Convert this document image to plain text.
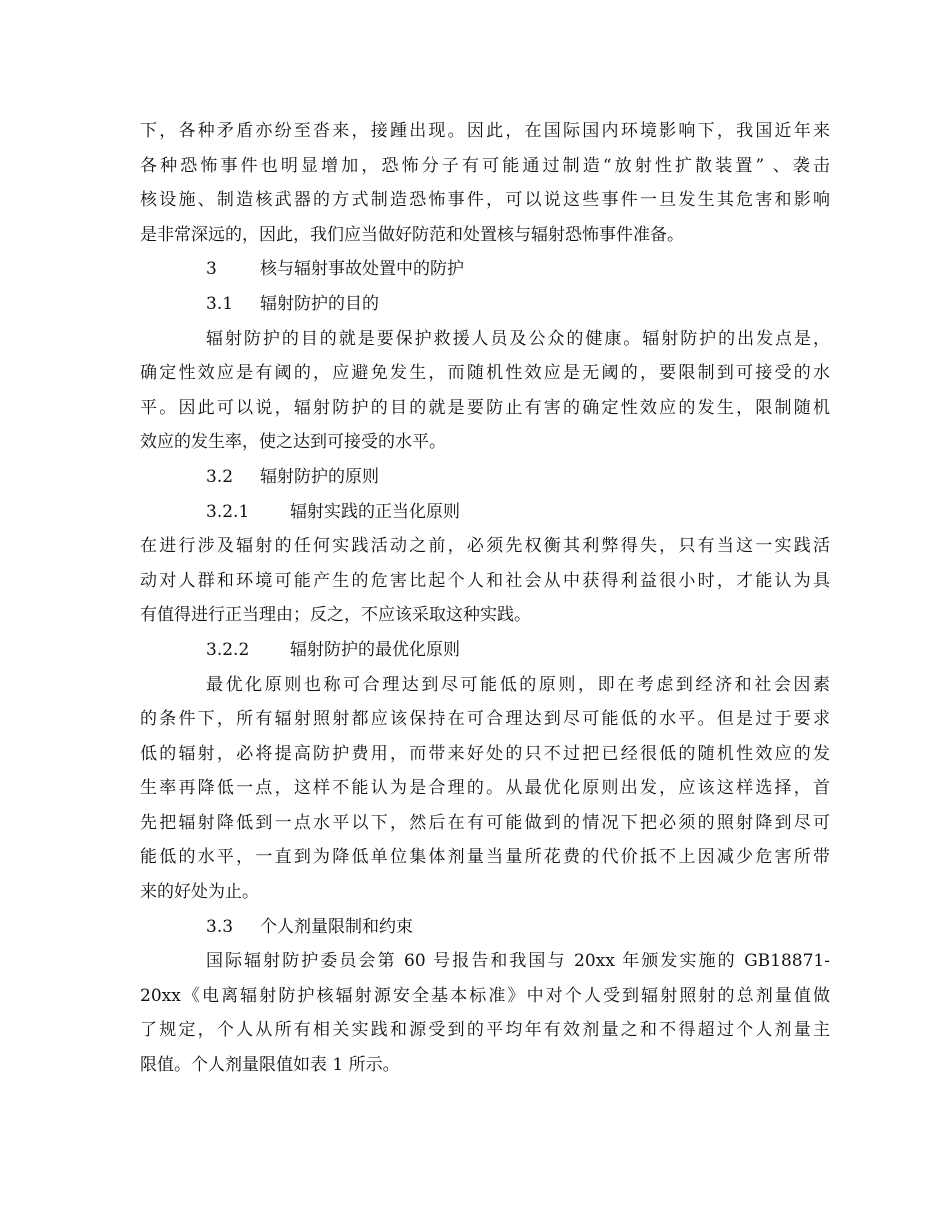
下，各种矛盾亦纷至沓来，接踵出现。因此，在国际国内环境影响下，我国近年来

各种恐怖事件也明显增加，恐怖分子有可能通过制造“放射性扩散装置” 、袭击

核设施、制造核武器的方式制造恐怖事件，可以说这些事件一旦发生其危害和影响

是非常深远的，因此，我们应当做好防范和处置核与辐射恐怖事件准备。

3	核与辐射事故处置中的防护

3.1 辐射防护的目的

辐射防护的目的就是要保护救援人员及公众的健康。辐射防护的出发点是，

确定性效应是有阈的，应避免发生，而随机性效应是无阈的，要限制到可接受的水

平。因此可以说，辐射防护的目的就是要防止有害的确定性效应的发生，限制随机

效应的发生率，使之达到可接受的水平。

3.2 辐射防护的原则

3.2.1 辐射实践的正当化原则

在进行涉及辐射的任何实践活动之前，必须先权衡其利弊得失，只有当这一实践活

动对人群和环境可能产生的危害比起个人和社会从中获得利益很小时，才能认为具

有值得进行正当理由；反之，不应该采取这种实践。

3.2.2 辐射防护的最优化原则

最优化原则也称可合理达到尽可能低的原则，即在考虑到经济和社会因素

的条件下，所有辐射照射都应该保持在可合理达到尽可能低的水平。但是过于要求

低的辐射，必将提高防护费用，而带来好处的只不过把已经很低的随机性效应的发

生率再降低一点，这样不能认为是合理的。从最优化原则出发，应该这样选择，首

先把辐射降低到一点水平以下，然后在有可能做到的情况下把必须的照射降到尽可

能低的水平，一直到为降低单位集体剂量当量所花费的代价抵不上因减少危害所带

来的好处为止。

3.3 个人剂量限制和约束

国际辐射防护委员会第 60 号报告和我国与 20xx 年颁发实施的 GB18871-

20xx《电离辐射防护核辐射源安全基本标准》中对个人受到辐射照射的总剂量值做

了规定，个人从所有相关实践和源受到的平均年有效剂量之和不得超过个人剂量主

限值。个人剂量限值如表 1 所示。
